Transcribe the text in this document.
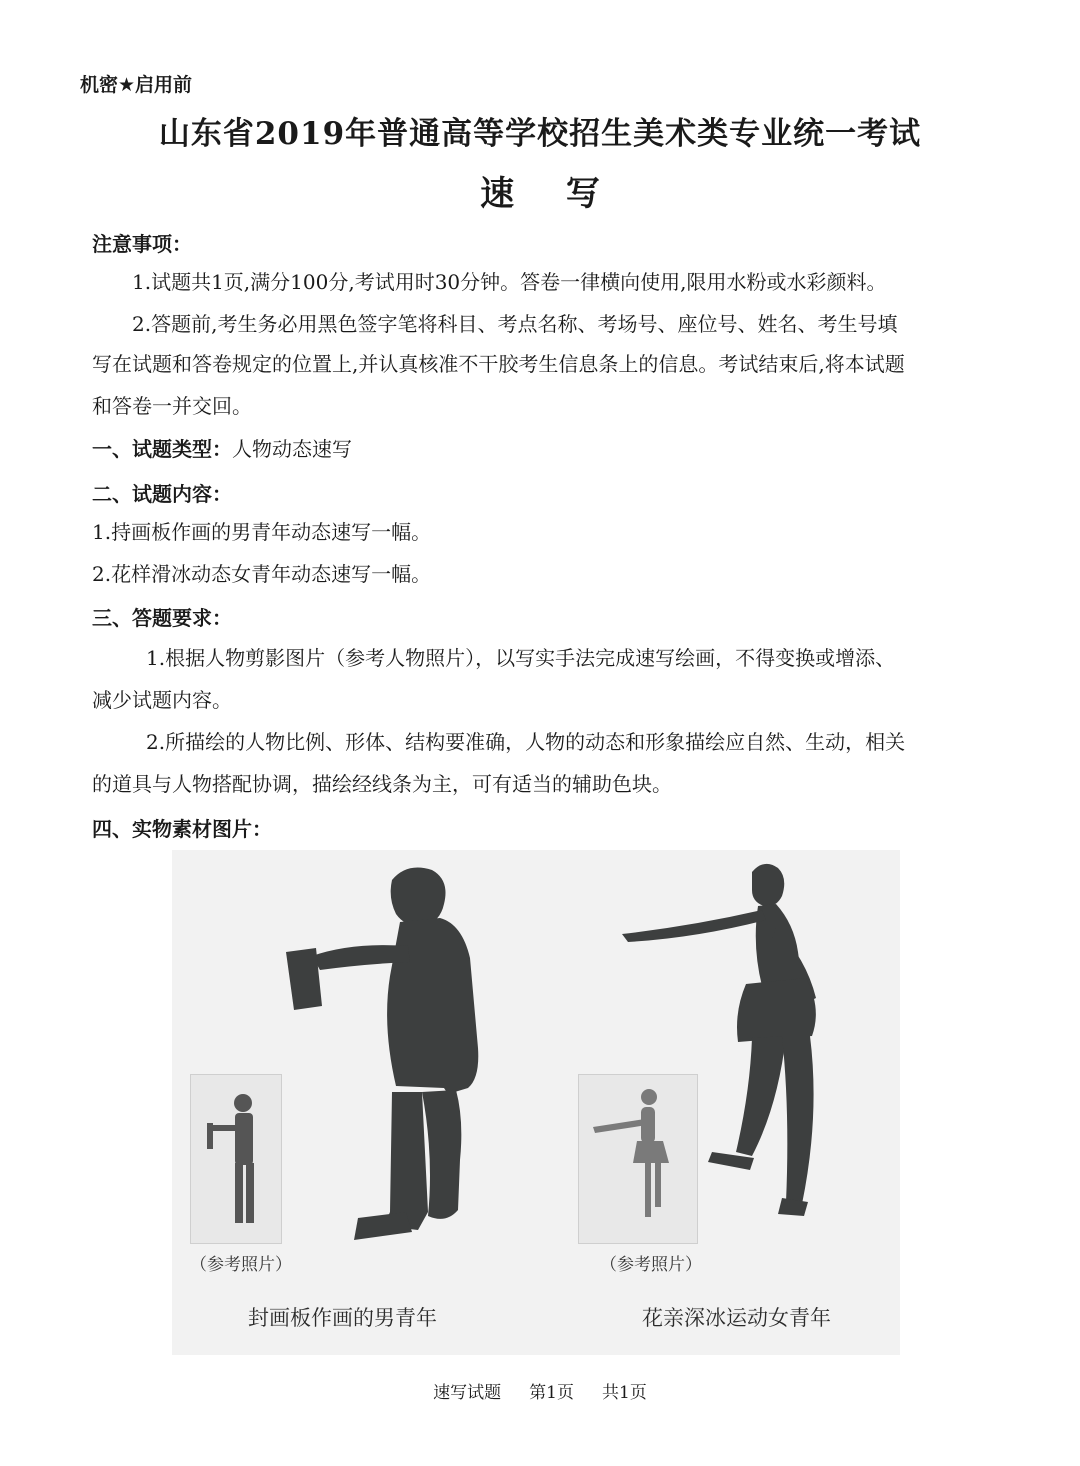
机密★启用前
山东省2019年普通高等学校招生美术类专业统一考试
速 写
注意事项：
1.试题共1页,满分100分,考试用时30分钟。答卷一律横向使用,限用水粉或水彩颜料。
2.答题前,考生务必用黑色签字笔将科目、考点名称、考场号、座位号、姓名、考生号填
写在试题和答卷规定的位置上,并认真核准不干胶考生信息条上的信息。考试结束后,将本试题
和答卷一并交回。
一、试题类型：人物动态速写
二、试题内容：
1.持画板作画的男青年动态速写一幅。
2.花样滑冰动态女青年动态速写一幅。
三、答题要求：
1.根据人物剪影图片（参考人物照片），以写实手法完成速写绘画，不得变换或增添、
减少试题内容。
2.所描绘的人物比例、形体、结构要准确，人物的动态和形象描绘应自然、生动，相关
的道具与人物搭配协调，描绘经线条为主，可有适当的辅助色块。
四、实物素材图片：
（参考照片）	（参考照片）
封画板作画的男青年	花亲深冰运动女青年
速写试题 第1页 共1页
